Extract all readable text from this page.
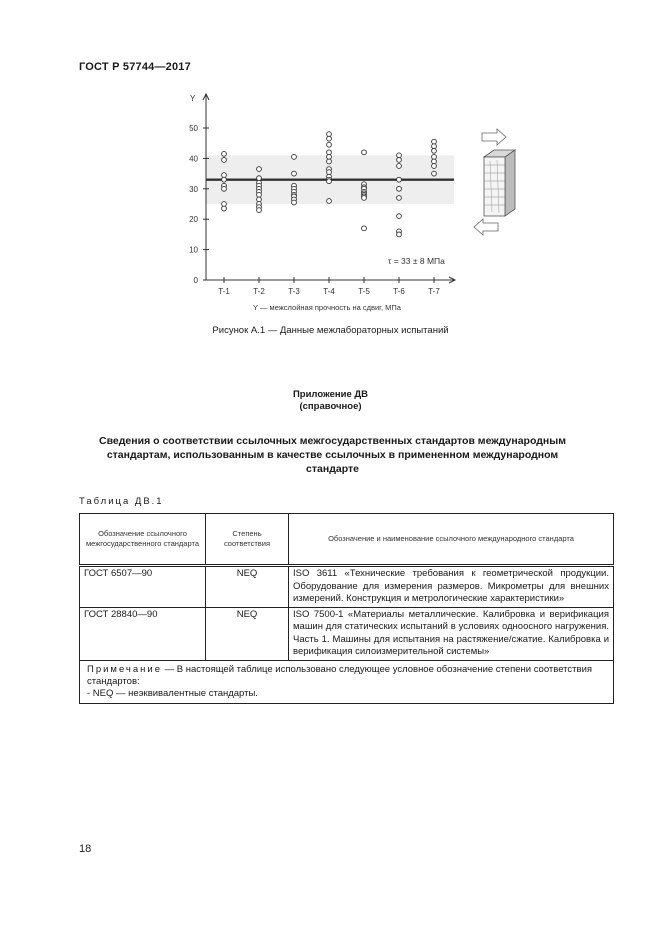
ГОСТ Р 57744—2017
Y
0
10
20
30
40
50
T-1	T-2	T-3	T-4	T-5	T-6	T-7
τ = 33 ± 8 МПа
Y — межслойная прочность на сдвиг, МПа
Рисунок А.1 — Данные межлабораторных испытаний
Приложение ДВ
(справочное)
Сведения о соответствии ссылочных межгосударственных стандартов международным стандартам, использованным в качестве ссылочных в примененном международном стандарте
Таблица ДВ.1
Обозначение ссылочного межгосударственного стандарта	Степень соответствия	Обозначение и наименование ссылочного международного стандарта
ГОСТ 6507—90	NEQ	ISO 3611 «Технические требования к геометрической продукции. Оборудование для измерения размеров. Микрометры для внешних измерений. Конструкция и метрологические характеристики»
ГОСТ 28840—90	NEQ	ISO 7500-1 «Материалы металлические. Калибровка и верификация машин для статических испытаний в условиях одноосного нагружения. Часть 1. Машины для испытания на растяжение/сжатие. Калибровка и верификация силоизмерительной системы»
Примечание — В настоящей таблице использовано следующее условное обозначение степени соответствия стандартов:
- NEQ — неэквивалентные стандарты.		
18
